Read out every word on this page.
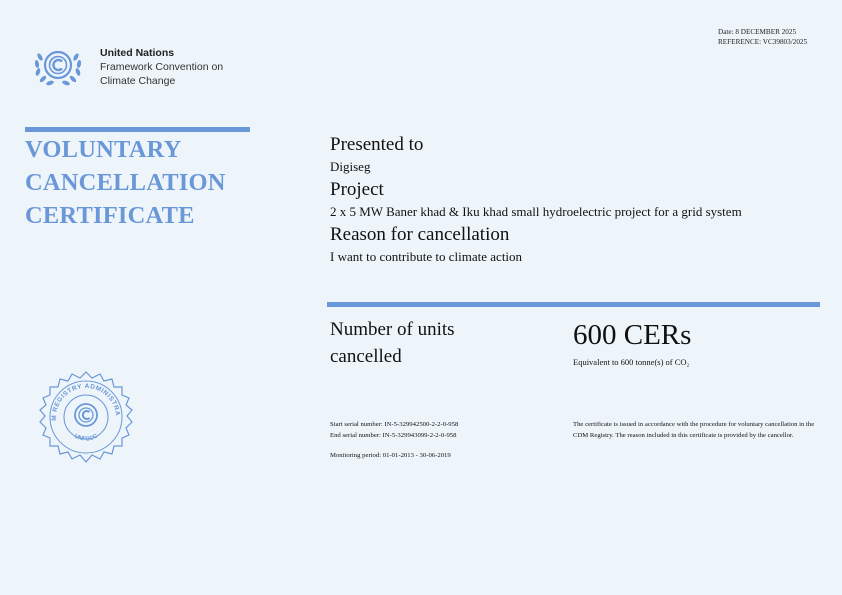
United Nations
Framework Convention on
Climate Change
Date: 8 DECEMBER 2025
REFERENCE: VC39803/2025
VOLUNTARY
CANCELLATION
CERTIFICATE
Presented to
Digiseg
Project
2 x 5 MW Baner khad & Iku khad small hydroelectric project for a grid system
Reason for cancellation
I want to contribute to climate action
Number of units
cancelled
600 CERs
Equivalent to 600 tonne(s) of CO₂
Start serial number: IN-5-329942500-2-2-0-958
End serial number: IN-5-329943099-2-2-0-958
Monitoring period: 01-01-2013 - 30-06-2019
The certificate is issued in accordance with the procedure for voluntary cancellation in the CDM Registry. The reason included in this certificate is provided by the cancellor.
M REGISTRY ADMINISTRA
UNFCCC
